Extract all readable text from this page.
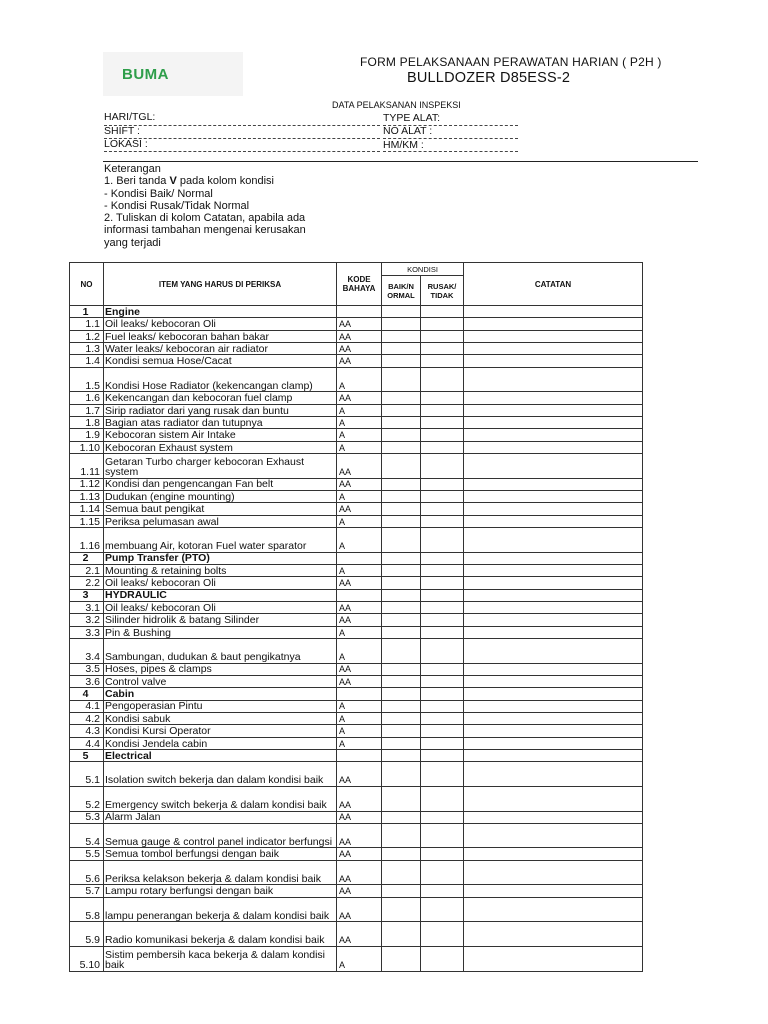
BUMA
FORM PELAKSANAAN PERAWATAN HARIAN ( P2H )
BULLDOZER D85ESS-2
DATA PELAKSANAN INSPEKSI
HARI/TGL:
SHIFT :
LOKASI :
TYPE ALAT:
NO ALAT :
HM/KM :
Keterangan
1. Beri tanda V pada kolom kondisi
- Kondisi Baik/ Normal
- Kondisi Rusak/Tidak Normal
2. Tuliskan di kolom Catatan, apabila ada
informasi tambahan mengenai kerusakan
yang terjadi
NO	ITEM YANG HARUS DI PERIKSA	KODE BAHAYA	KONDISI		CATATAN
			BAIK/N ORMAL	RUSAK/ TIDAK	
1	Engine				
1.1	Oil leaks/ kebocoran Oli	AA			
1.2	Fuel leaks/ kebocoran bahan bakar	AA			
1.3	Water leaks/ kebocoran air radiator	AA			
1.4	Kondisi semua Hose/Cacat	AA			
1.5	Kondisi Hose Radiator (kekencangan clamp)	A			
1.6	Kekencangan dan kebocoran fuel clamp	AA			
1.7	Sirip radiator dari yang rusak dan buntu	A			
1.8	Bagian atas radiator dan tutupnya	A			
1.9	Kebocoran sistem Air Intake	A			
1.10	Kebocoran Exhaust system	A			
1.11	Getaran Turbo charger kebocoran Exhaust system	AA			
1.12	Kondisi dan pengencangan Fan belt	AA			
1.13	Dudukan (engine mounting)	A			
1.14	Semua baut pengikat	AA			
1.15	Periksa pelumasan awal	A			
1.16	membuang Air, kotoran Fuel water sparator	A			
2	Pump Transfer (PTO)				
2.1	Mounting & retaining bolts	A			
2.2	Oil leaks/ kebocoran Oli	AA			
3	HYDRAULIC				
3.1	Oil leaks/ kebocoran Oli	AA			
3.2	Silinder hidrolik & batang Silinder	AA			
3.3	Pin & Bushing	A			
3.4	Sambungan, dudukan & baut pengikatnya	A			
3.5	Hoses, pipes & clamps	AA			
3.6	Control valve	AA			
4	Cabin				
4.1	Pengoperasian Pintu	A			
4.2	Kondisi sabuk	A			
4.3	Kondisi Kursi Operator	A			
4.4	Kondisi Jendela cabin	A			
5	Electrical				
5.1	Isolation switch bekerja dan dalam kondisi baik	AA			
5.2	Emergency switch bekerja & dalam kondisi baik	AA			
5.3	Alarm Jalan	AA			
5.4	Semua gauge & control panel indicator berfungsi	AA			
5.5	Semua tombol berfungsi dengan baik	AA			
5.6	Periksa kelakson bekerja & dalam kondisi baik	AA			
5.7	Lampu rotary berfungsi dengan baik	AA			
5.8	lampu penerangan bekerja & dalam kondisi baik	AA			
5.9	Radio komunikasi bekerja & dalam kondisi baik	AA			
5.10	Sistim pembersih kaca bekerja & dalam kondisi baik	A			
